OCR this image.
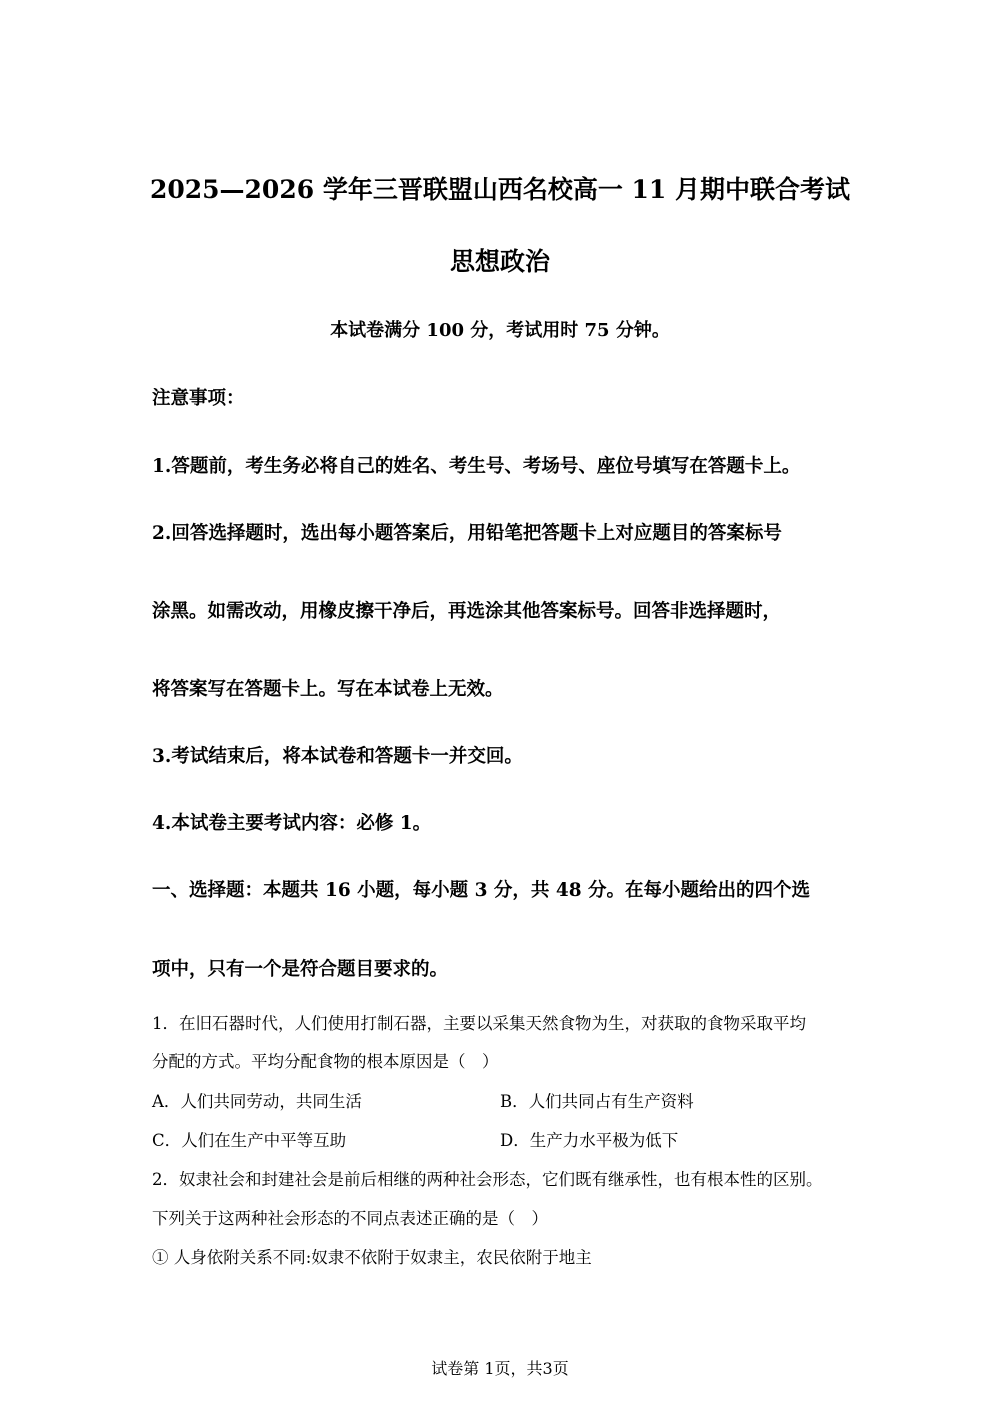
2025—2026 学年三晋联盟山西名校高一 11 月期中联合考试
思想政治
本试卷满分 100 分，考试用时 75 分钟。
注意事项：
1.答题前，考生务必将自己的姓名、考生号、考场号、座位号填写在答题卡上。
2.回答选择题时，选出每小题答案后，用铅笔把答题卡上对应题目的答案标号
涂黑。如需改动，用橡皮擦干净后，再选涂其他答案标号。回答非选择题时，
将答案写在答题卡上。写在本试卷上无效。
3.考试结束后，将本试卷和答题卡一并交回。
4.本试卷主要考试内容：必修 1。
一、选择题：本题共 16 小题，每小题 3 分，共 48 分。在每小题给出的四个选
项中，只有一个是符合题目要求的。
1．在旧石器时代，人们使用打制石器，主要以采集天然食物为生，对获取的食物采取平均
分配的方式。平均分配食物的根本原因是（　）
A．人们共同劳动，共同生活	B．人们共同占有生产资料
C．人们在生产中平等互助	D．生产力水平极为低下
2．奴隶社会和封建社会是前后相继的两种社会形态，它们既有继承性，也有根本性的区别。
下列关于这两种社会形态的不同点表述正确的是（　）
① 人身依附关系不同:奴隶不依附于奴隶主，农民依附于地主
试卷第 1页，共3页
